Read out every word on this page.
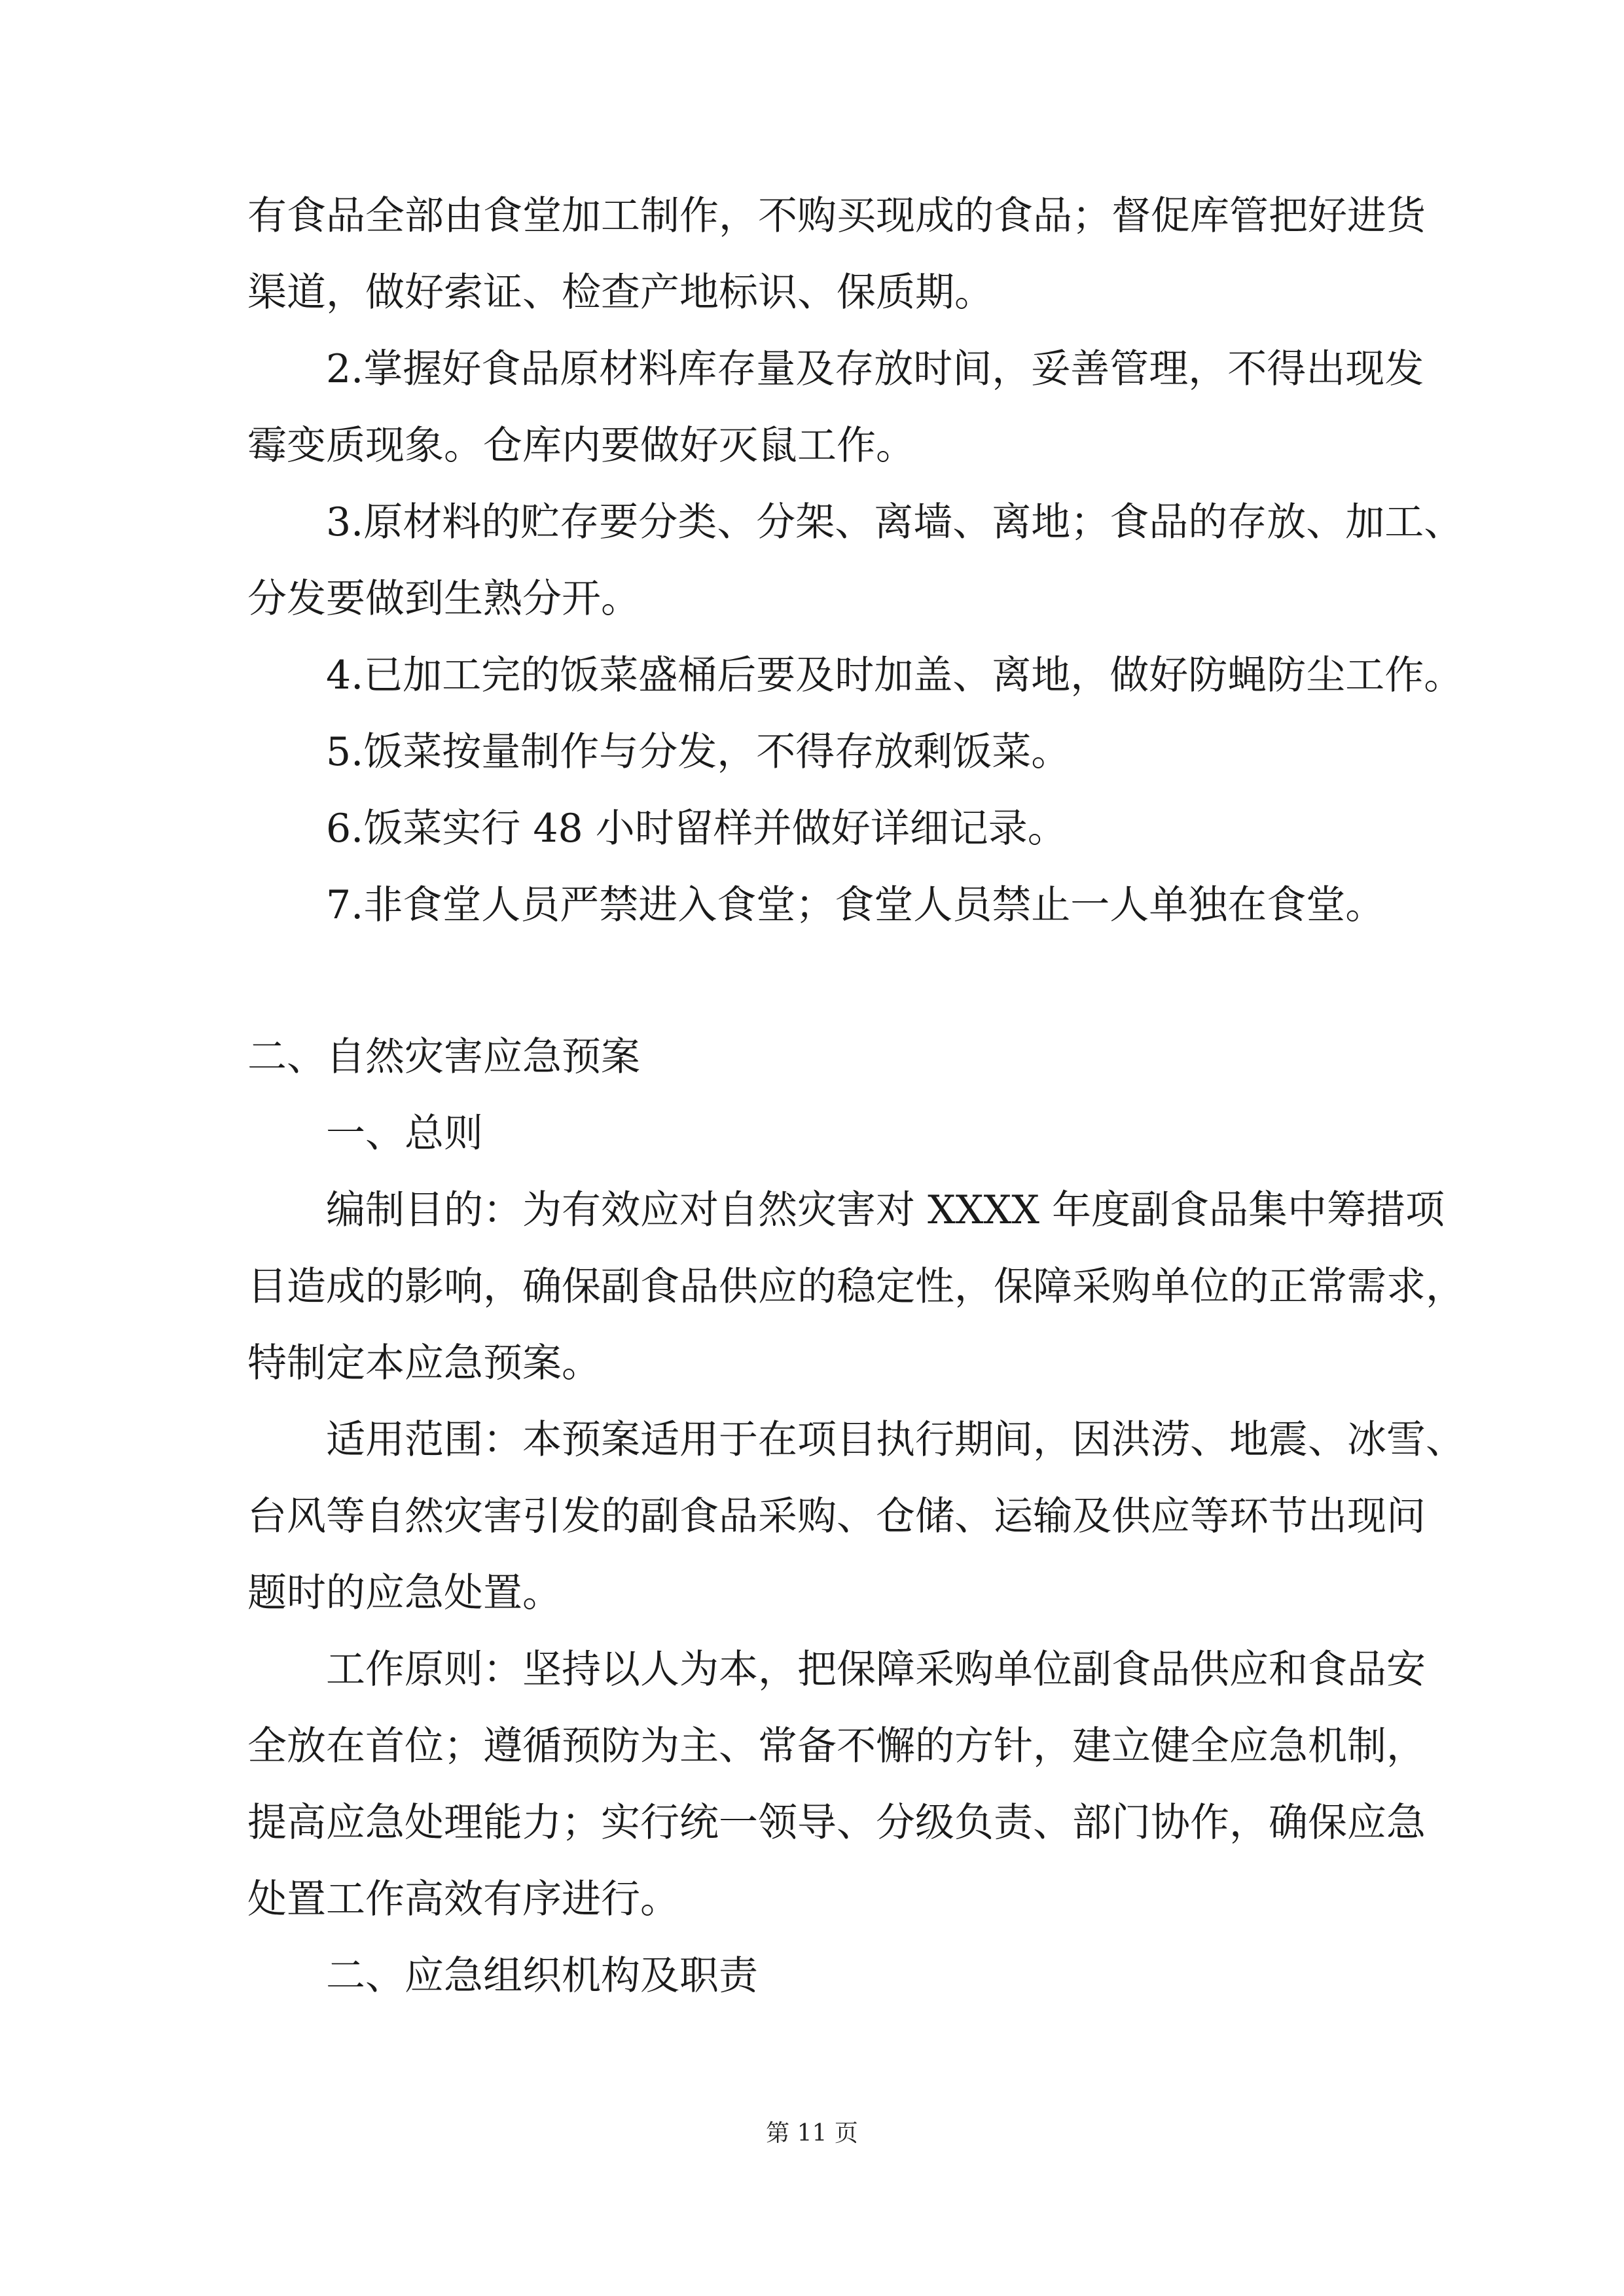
有食品全部由食堂加工制作，不购买现成的食品；督促库管把好进货

渠道，做好索证、检查产地标识、保质期。

2.掌握好食品原材料库存量及存放时间，妥善管理，不得出现发

霉变质现象。仓库内要做好灭鼠工作。

3.原材料的贮存要分类、分架、离墙、离地；食品的存放、加工、

分发要做到生熟分开。

4.已加工完的饭菜盛桶后要及时加盖、离地，做好防蝇防尘工作。

5.饭菜按量制作与分发，不得存放剩饭菜。

6.饭菜实行 48 小时留样并做好详细记录。

7.非食堂人员严禁进入食堂；食堂人员禁止一人单独在食堂。

二、自然灾害应急预案

一、总则

编制目的：为有效应对自然灾害对 XXXX 年度副食品集中筹措项

目造成的影响，确保副食品供应的稳定性，保障采购单位的正常需求，

特制定本应急预案。

适用范围：本预案适用于在项目执行期间，因洪涝、地震、冰雪、

台风等自然灾害引发的副食品采购、仓储、运输及供应等环节出现问

题时的应急处置。

工作原则：坚持以人为本，把保障采购单位副食品供应和食品安

全放在首位；遵循预防为主、常备不懈的方针，建立健全应急机制，

提高应急处理能力；实行统一领导、分级负责、部门协作，确保应急

处置工作高效有序进行。

二、应急组织机构及职责

第 11 页
